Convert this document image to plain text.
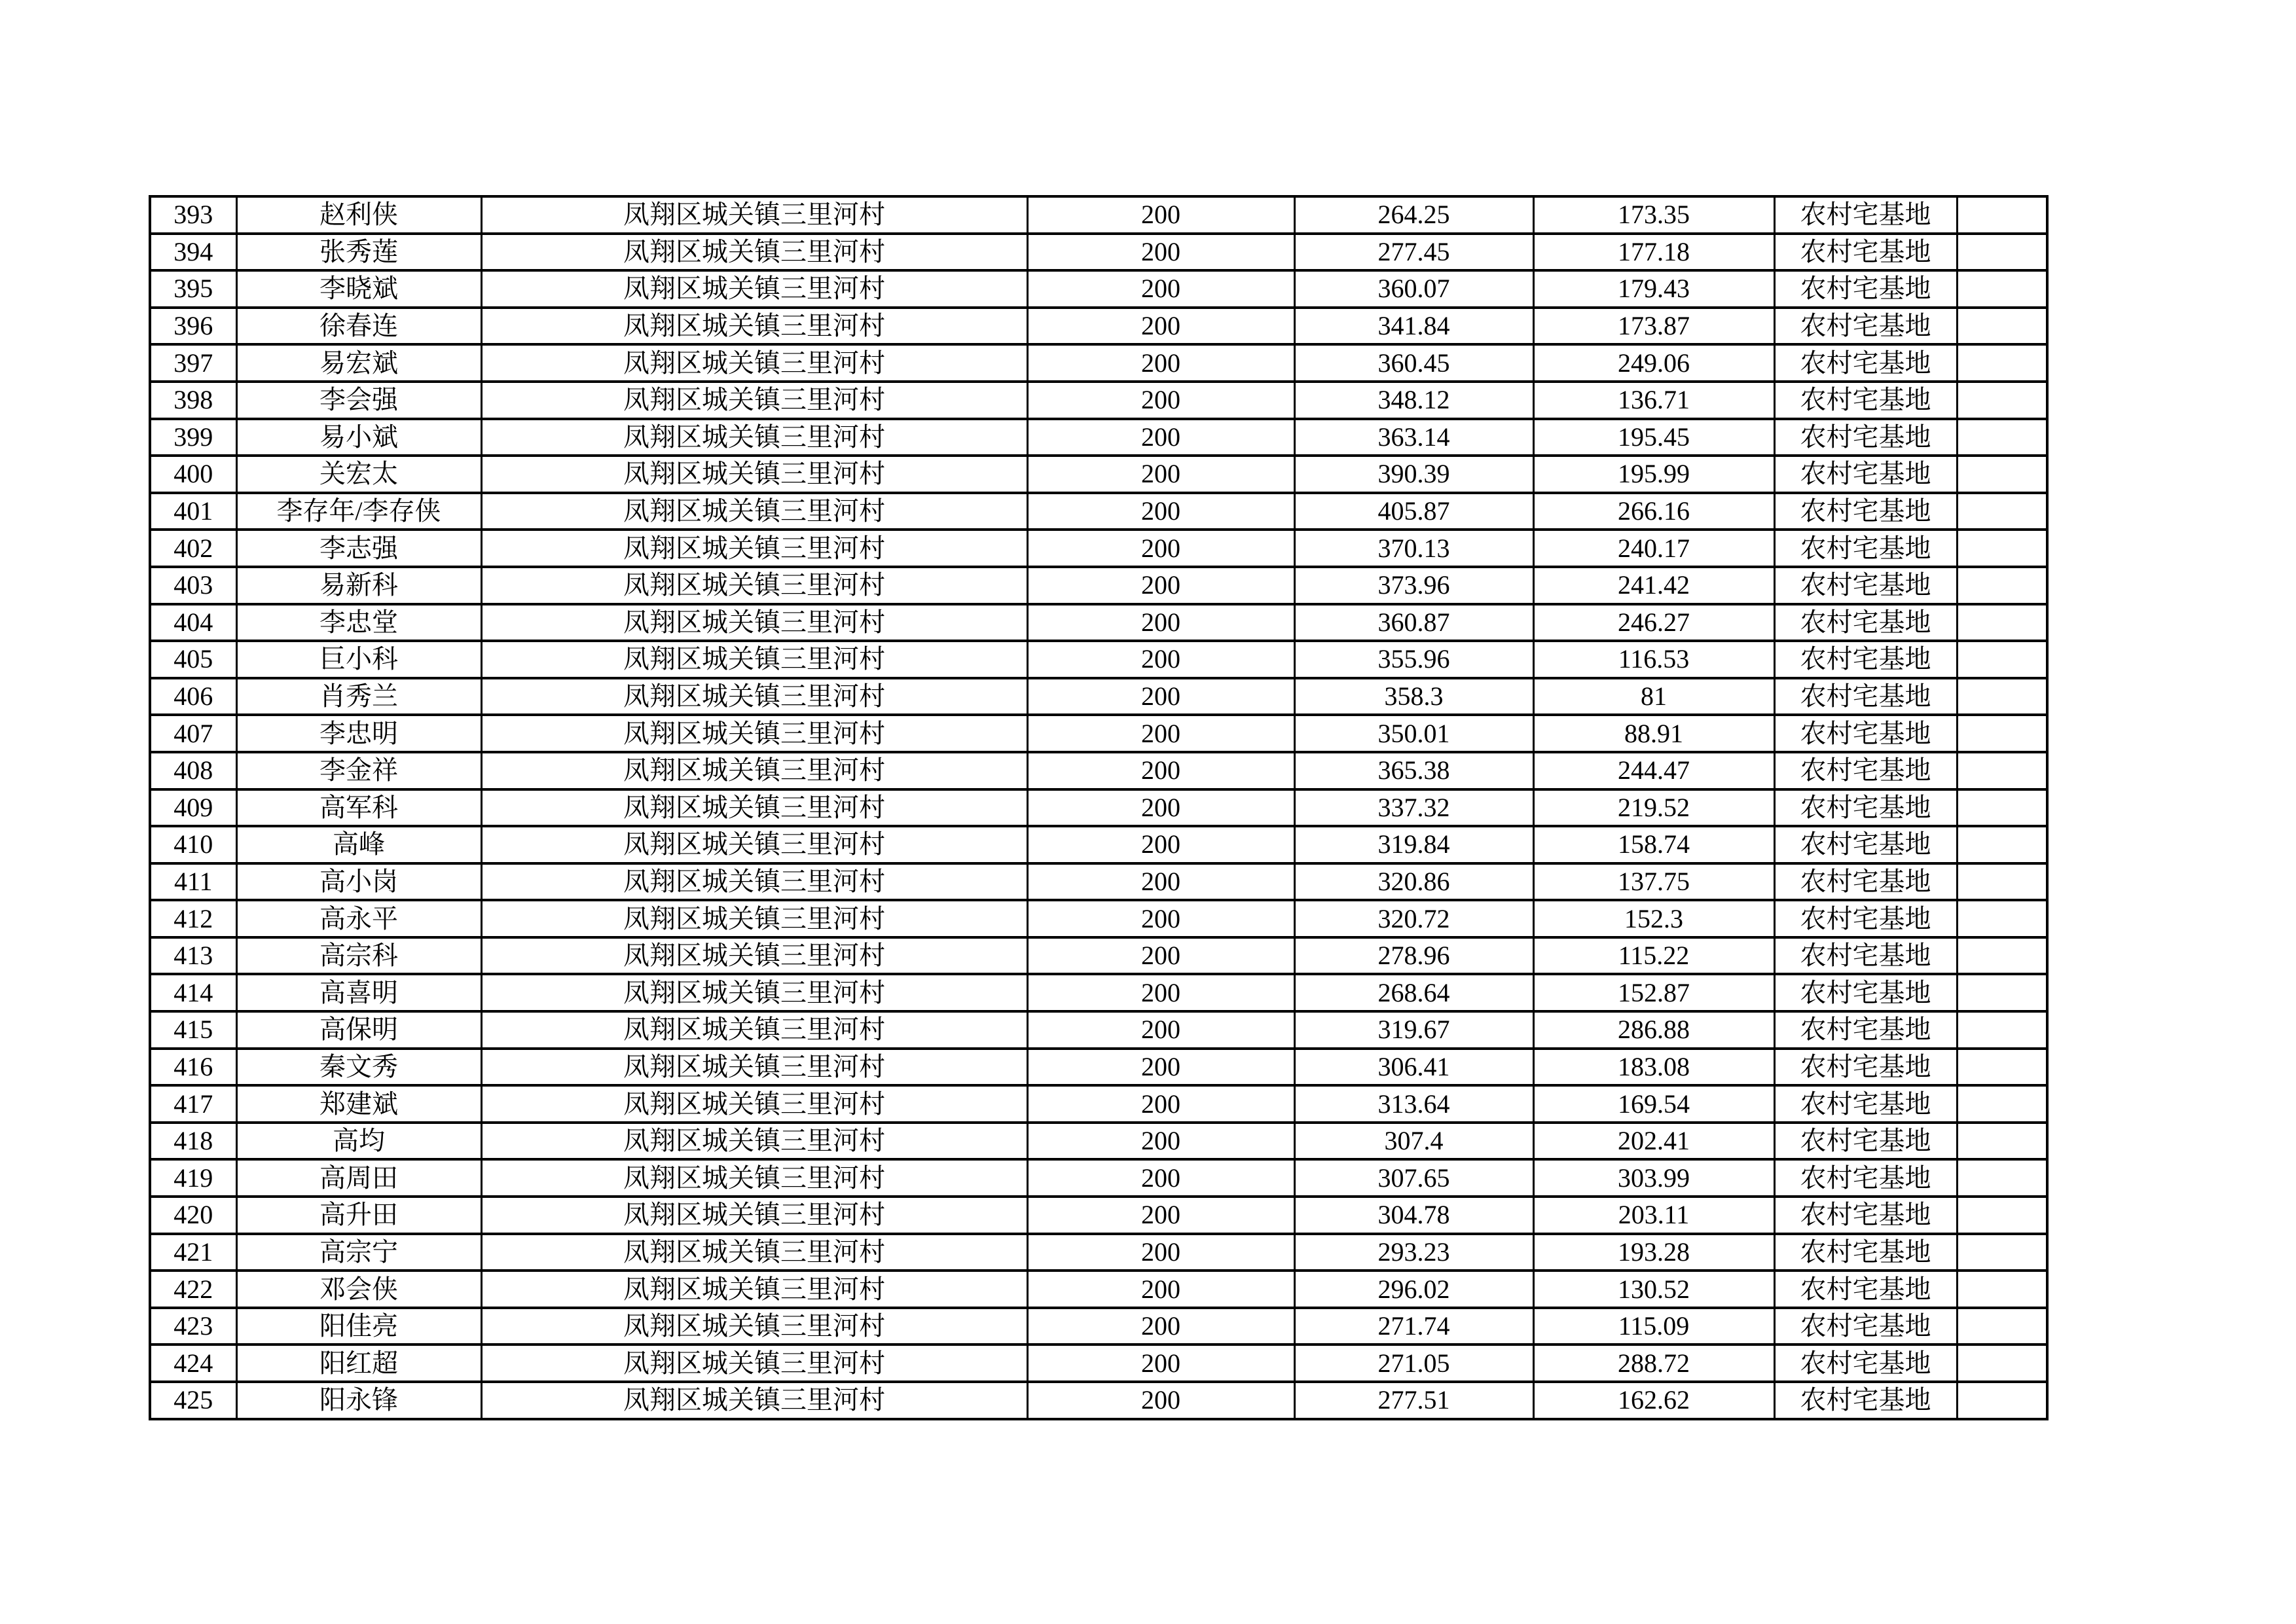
393	赵利侠	凤翔区城关镇三里河村	200	264.25	173.35	农村宅基地	
394	张秀莲	凤翔区城关镇三里河村	200	277.45	177.18	农村宅基地	
395	李晓斌	凤翔区城关镇三里河村	200	360.07	179.43	农村宅基地	
396	徐春连	凤翔区城关镇三里河村	200	341.84	173.87	农村宅基地	
397	易宏斌	凤翔区城关镇三里河村	200	360.45	249.06	农村宅基地	
398	李会强	凤翔区城关镇三里河村	200	348.12	136.71	农村宅基地	
399	易小斌	凤翔区城关镇三里河村	200	363.14	195.45	农村宅基地	
400	关宏太	凤翔区城关镇三里河村	200	390.39	195.99	农村宅基地	
401	李存年/李存侠	凤翔区城关镇三里河村	200	405.87	266.16	农村宅基地	
402	李志强	凤翔区城关镇三里河村	200	370.13	240.17	农村宅基地	
403	易新科	凤翔区城关镇三里河村	200	373.96	241.42	农村宅基地	
404	李忠堂	凤翔区城关镇三里河村	200	360.87	246.27	农村宅基地	
405	巨小科	凤翔区城关镇三里河村	200	355.96	116.53	农村宅基地	
406	肖秀兰	凤翔区城关镇三里河村	200	358.3	81	农村宅基地	
407	李忠明	凤翔区城关镇三里河村	200	350.01	88.91	农村宅基地	
408	李金祥	凤翔区城关镇三里河村	200	365.38	244.47	农村宅基地	
409	高军科	凤翔区城关镇三里河村	200	337.32	219.52	农村宅基地	
410	高峰	凤翔区城关镇三里河村	200	319.84	158.74	农村宅基地	
411	高小岗	凤翔区城关镇三里河村	200	320.86	137.75	农村宅基地	
412	高永平	凤翔区城关镇三里河村	200	320.72	152.3	农村宅基地	
413	高宗科	凤翔区城关镇三里河村	200	278.96	115.22	农村宅基地	
414	高喜明	凤翔区城关镇三里河村	200	268.64	152.87	农村宅基地	
415	高保明	凤翔区城关镇三里河村	200	319.67	286.88	农村宅基地	
416	秦文秀	凤翔区城关镇三里河村	200	306.41	183.08	农村宅基地	
417	郑建斌	凤翔区城关镇三里河村	200	313.64	169.54	农村宅基地	
418	高均	凤翔区城关镇三里河村	200	307.4	202.41	农村宅基地	
419	高周田	凤翔区城关镇三里河村	200	307.65	303.99	农村宅基地	
420	高升田	凤翔区城关镇三里河村	200	304.78	203.11	农村宅基地	
421	高宗宁	凤翔区城关镇三里河村	200	293.23	193.28	农村宅基地	
422	邓会侠	凤翔区城关镇三里河村	200	296.02	130.52	农村宅基地	
423	阳佳亮	凤翔区城关镇三里河村	200	271.74	115.09	农村宅基地	
424	阳红超	凤翔区城关镇三里河村	200	271.05	288.72	农村宅基地	
425	阳永锋	凤翔区城关镇三里河村	200	277.51	162.62	农村宅基地	
